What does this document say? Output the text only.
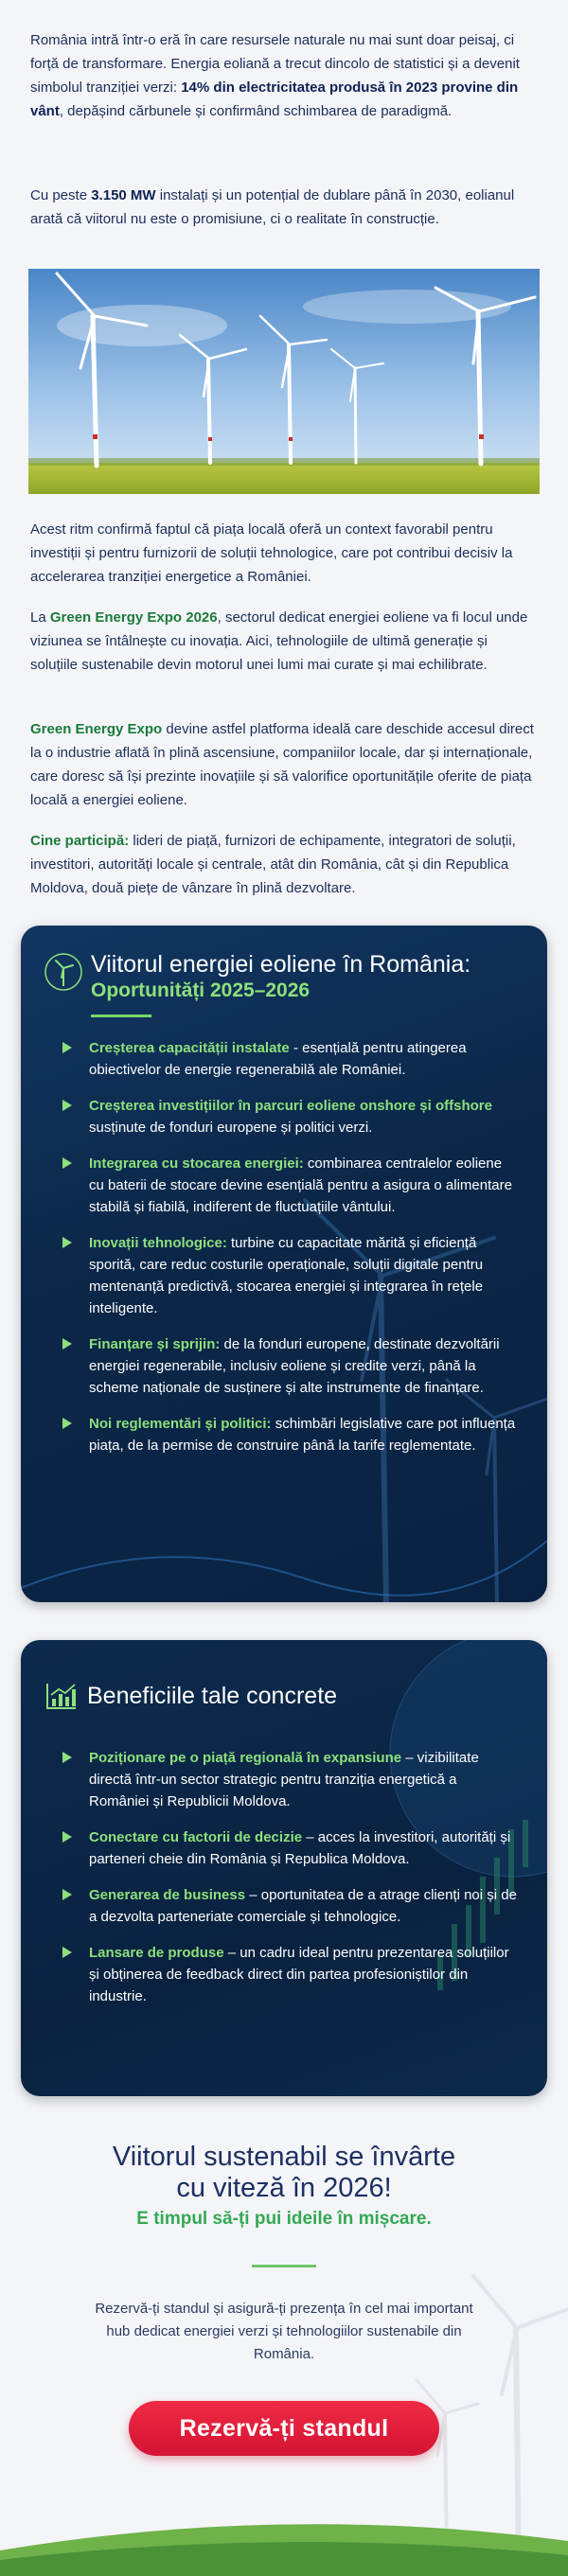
România intră într-o eră în care resursele naturale nu mai sunt doar peisaj, ci forță de transformare. Energia eoliană a trecut dincolo de statistici și a devenit simbolul tranziției verzi: 14% din electricitatea produsă în 2023 provine din vânt, depășind cărbunele și confirmând schimbarea de paradigmă.

Cu peste 3.150 MW instalați și un potențial de dublare până în 2030, eolianul arată că viitorul nu este o promisiune, ci o realitate în construcție.

Acest ritm confirmă faptul că piața locală oferă un context favorabil pentru investiții și pentru furnizorii de soluții tehnologice, care pot contribui decisiv la accelerarea tranziției energetice a României.

La Green Energy Expo 2026, sectorul dedicat energiei eoliene va fi locul unde viziunea se întâlnește cu inovația. Aici, tehnologiile de ultimă generație și soluțiile sustenabile devin motorul unei lumi mai curate și mai echilibrate.

Green Energy Expo devine astfel platforma ideală care deschide accesul direct la o industrie aflată în plină ascensiune, companiilor locale, dar și internaționale, care doresc să își prezinte inovațiile și să valorifice oportunitățile oferite de piața locală a energiei eoliene.

Cine participă: lideri de piață, furnizori de echipamente, integratori de soluții, investitori, autorități locale și centrale, atât din România, cât și din Republica Moldova, două piețe de vânzare în plină dezvoltare.

Viitorul energiei eoliene în România:
Oportunități 2025–2026
Creșterea capacității instalate - esențială pentru atingerea obiectivelor de energie regenerabilă ale României.
Creșterea investițiilor în parcuri eoliene onshore și offshore susținute de fonduri europene și politici verzi.
Integrarea cu stocarea energiei: combinarea centralelor eoliene cu baterii de stocare devine esențială pentru a asigura o alimentare stabilă și fiabilă, indiferent de fluctuațiile vântului.
Inovații tehnologice: turbine cu capacitate mărită și eficiență sporită, care reduc costurile operaționale, soluții digitale pentru mentenanță predictivă, stocarea energiei și integrarea în rețele inteligente.
Finanțare și sprijin: de la fonduri europene, destinate dezvoltării energiei regenerabile, inclusiv eoliene și credite verzi, până la scheme naționale de susținere și alte instrumente de finanțare.
Noi reglementări și politici: schimbări legislative care pot influența piața, de la permise de construire până la tarife reglementate.
Beneficiile tale concrete
Poziționare pe o piață regională în expansiune – vizibilitate directă într-un sector strategic pentru tranziția energetică a României și Republicii Moldova.
Conectare cu factorii de decizie – acces la investitori, autorități și parteneri cheie din România și Republica Moldova.
Generarea de business – oportunitatea de a atrage clienți noi și de a dezvolta parteneriate comerciale și tehnologice.
Lansare de produse – un cadru ideal pentru prezentarea soluțiilor și obținerea de feedback direct din partea profesioniștilor din industrie.
Viitorul sustenabil se învârte
cu viteză în 2026!
E timpul să-ți pui ideile în mișcare.
Rezervă-ți standul și asigură-ți prezența în cel mai important hub dedicat energiei verzi și tehnologiilor sustenabile din România.
Rezervă-ți standul
